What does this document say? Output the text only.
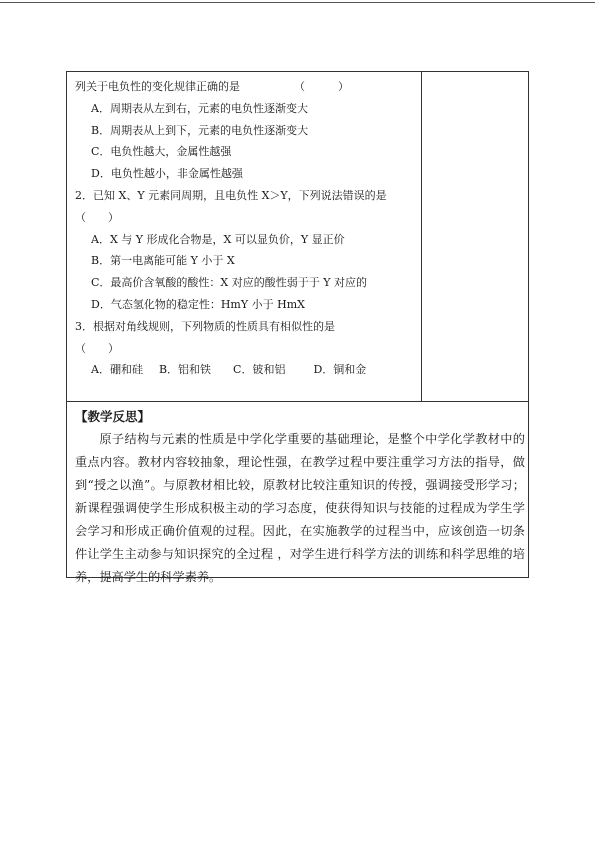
列关于电负性的变化规律正确的是	（　　　）
A．周期表从左到右，元素的电负性逐渐变大
B．周期表从上到下，元素的电负性逐渐变大
C．电负性越大，金属性越强
D．电负性越小，非金属性越强
2．已知 X、Y 元素同周期，且电负性 X＞Y，下列说法错误的是
（　　）
A．X 与 Y 形成化合物是，X 可以显负价，Y 显正价
B．第一电离能可能 Y 小于 X
C．最高价含氧酸的酸性：X 对应的酸性弱于于 Y 对应的
D．气态氢化物的稳定性：HmY 小于 HmX
3．根据对角线规则，下列物质的性质具有相似性的是
（　　）
A．硼和硅 B．铝和铁 C．铍和铝	D．铜和金
【教学反思】

原子结构与元素的性质是中学化学重要的基础理论，是整个中学化学教材中的重点内容。教材内容较抽象，理论性强，在教学过程中要注重学习方法的指导，做到“授之以渔”。与原教材相比较，原教材比较注重知识的传授，强调接受形学习；新课程强调使学生形成积极主动的学习态度，使获得知识与技能的过程成为学生学会学习和形成正确价值观的过程。因此，在实施教学的过程当中，应该创造一切条件让学生主动参与知识探究的全过程 ，对学生进行科学方法的训练和科学思维的培养，提高学生的科学素养。
